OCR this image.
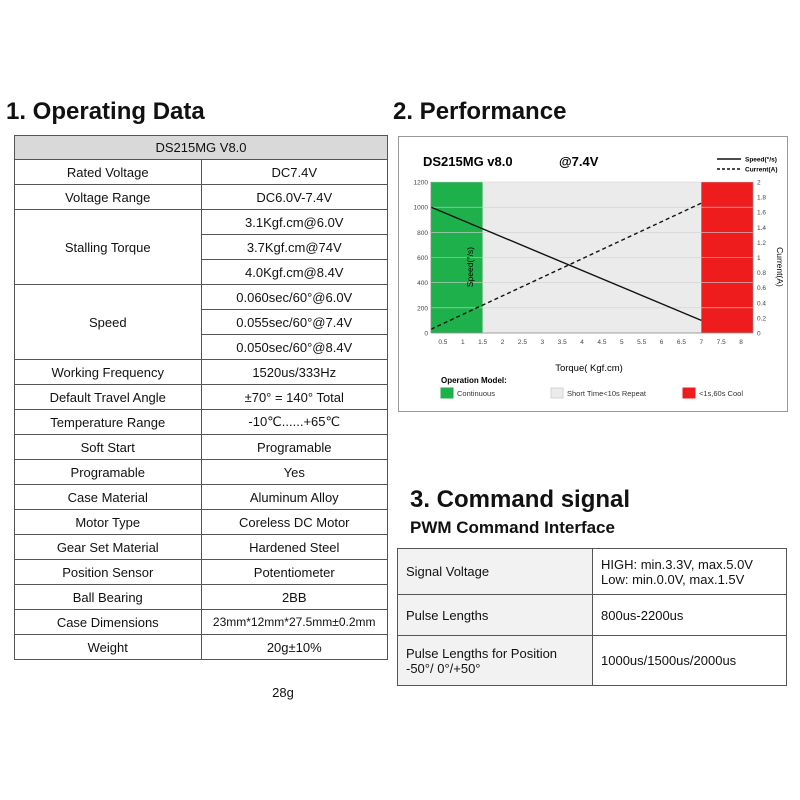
1. Operating Data
DS215MG V8.0	
Rated Voltage	DC7.4V
Voltage Range	DC6.0V-7.4V
Stalling Torque	3.1Kgf.cm@6.0V
	3.7Kgf.cm@74V
	4.0Kgf.cm@8.4V
Speed	0.060sec/60°@6.0V
	0.055sec/60°@7.4V
	0.050sec/60°@8.4V
Working Frequency	1520us/333Hz
Default Travel Angle	±70° = 140° Total
Temperature Range	-10℃......+65℃
Soft Start	Programable
Programable	Yes
Case Material	Aluminum Alloy
Motor Type	Coreless DC Motor
Gear Set Material	Hardened Steel
Position Sensor	Potentiometer
Ball Bearing	2BB
Case Dimensions	23mm*12mm*27.5mm±0.2mm
Weight	20g±10%
28g
2. Performance
0.5 1 1.5 2 2.5 3 3.5 4 4.5 5 5.5 6 6.5 7 7.5 8
0
200
400
600
800
1000
1200
0
0.2
0.4
0.6
0.8
1
1.2
1.4
1.6
1.8
2
DS215MG v8.0	@7.4V	Speed(°/s)
Current(A)
Speed(°/s)	Current(A)
Torque( Kgf.cm)
Operation Model:
Continuous	Short Time<10s Repeat	<1s,60s Cool
3. Command signal
PWM Command Interface
Signal Voltage	HIGH: min.3.3V, max.5.0V
Low: min.0.0V, max.1.5V

Pulse Lengths	800us-2200us

Pulse Lengths for Position
-50°/ 0°/+50°	1000us/1500us/2000us
